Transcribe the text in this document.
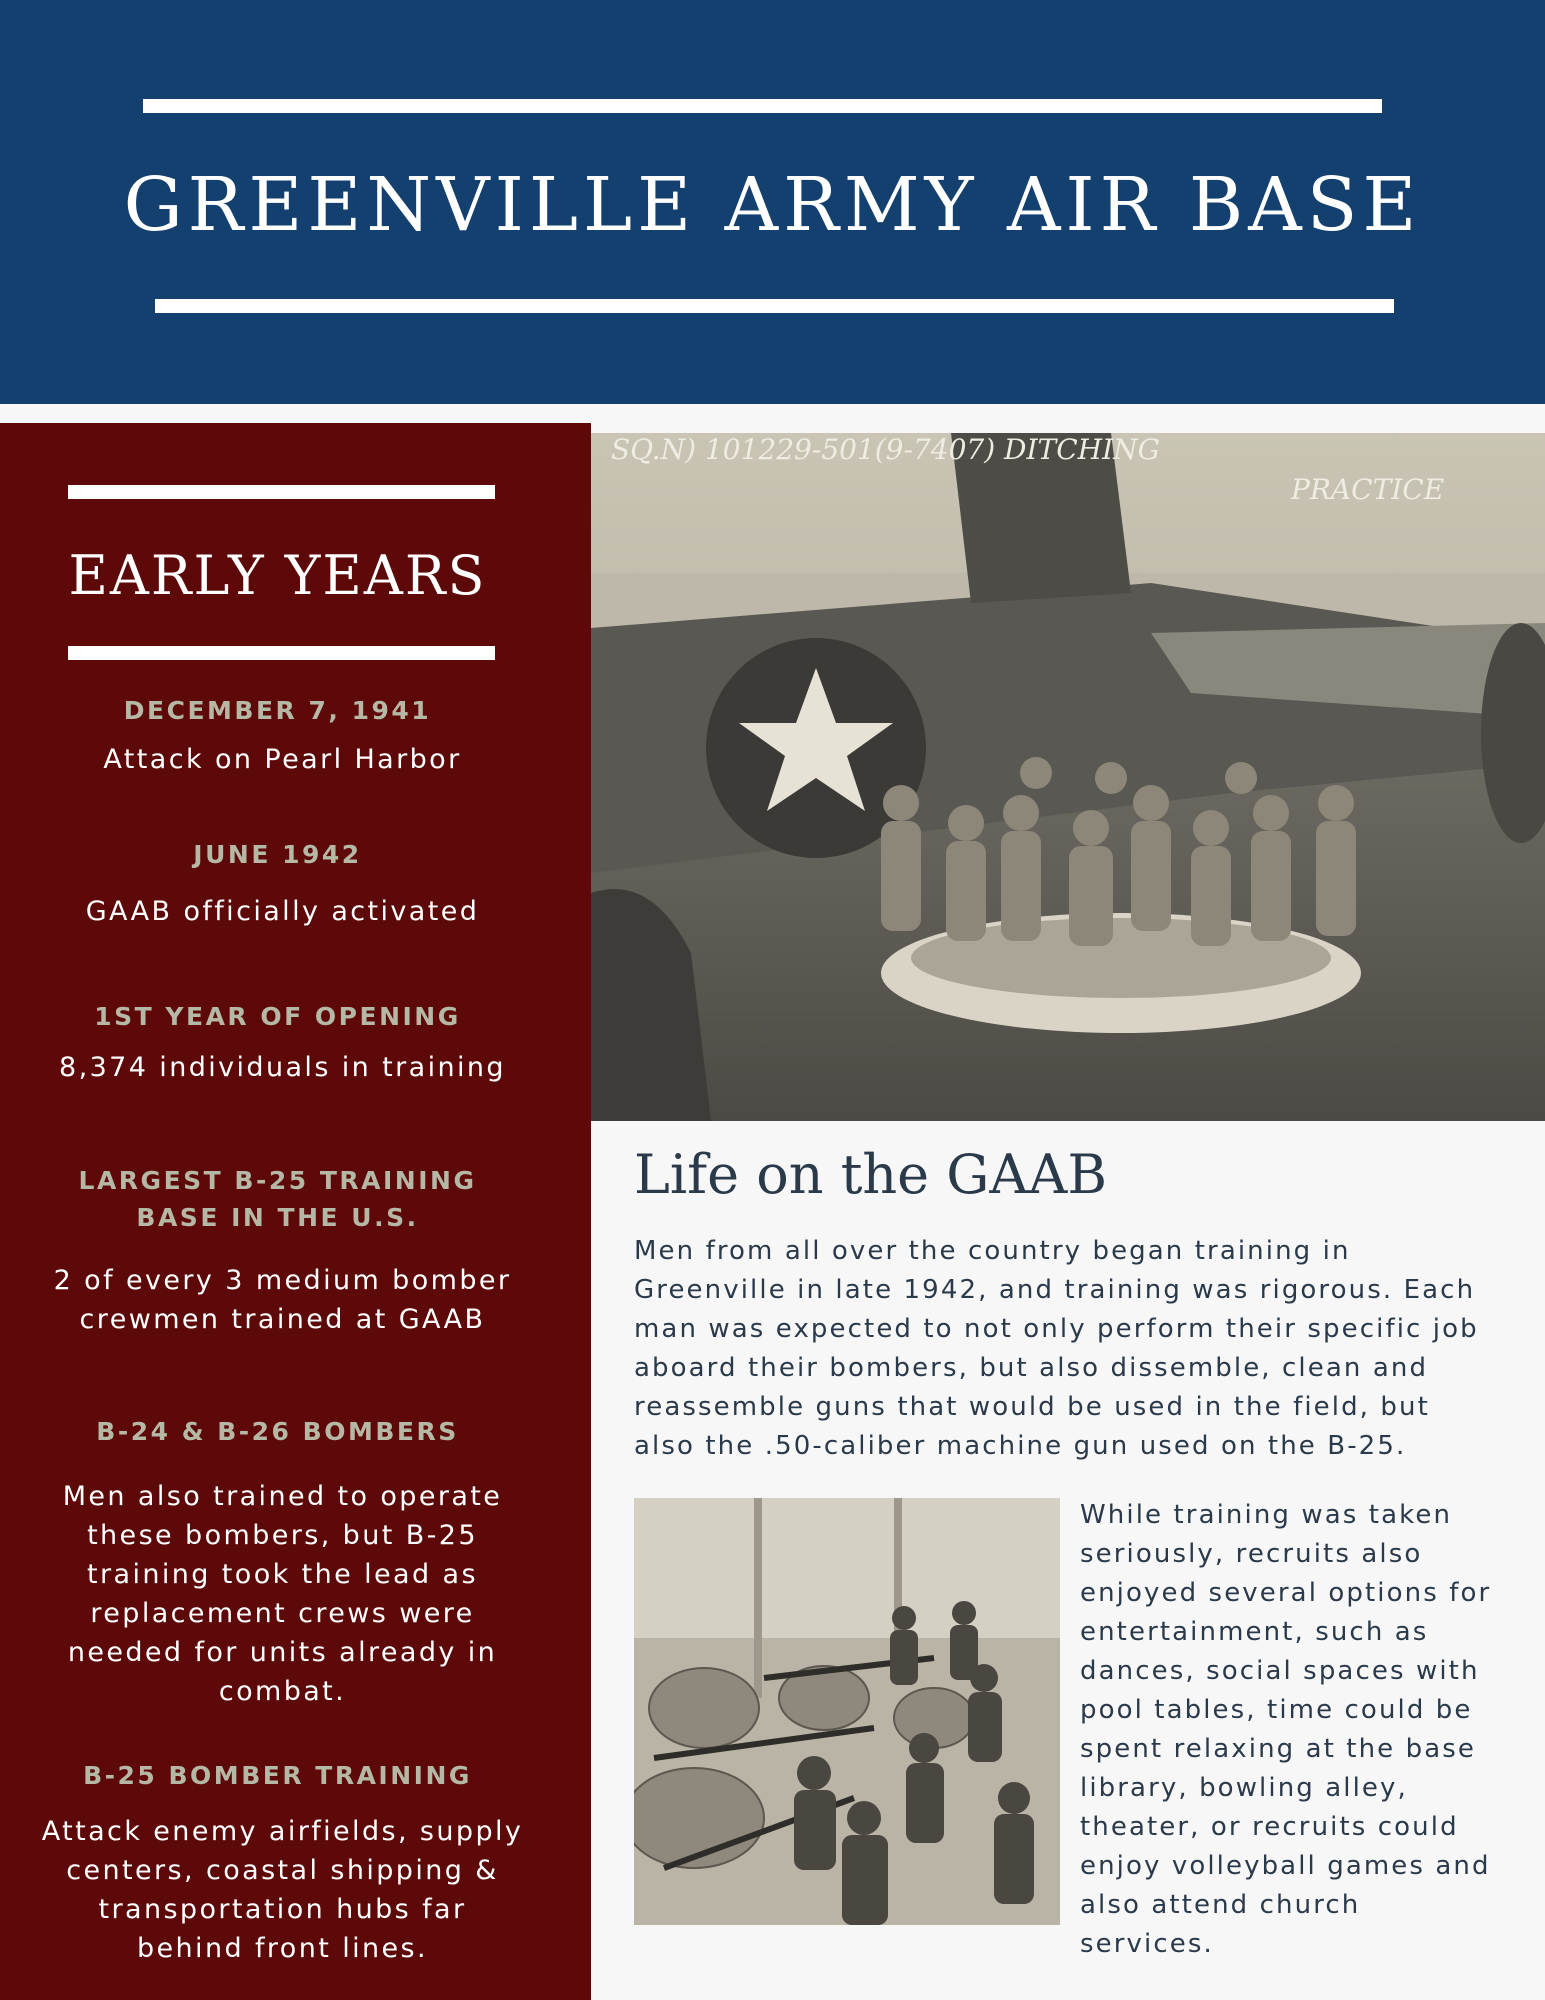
GREENVILLE ARMY AIR BASE
EARLY YEARS
DECEMBER 7, 1941
Attack on Pearl Harbor
JUNE 1942
GAAB officially activated
1ST YEAR OF OPENING
8,374 individuals in training
LARGEST B-25 TRAINING
BASE IN THE U.S.
2 of every 3 medium bomber
crewmen trained at GAAB
B-24 & B-26 BOMBERS
Men also trained to operate
these bombers, but B-25
training took the lead as
replacement crews were
needed for units already in
combat.
B-25 BOMBER TRAINING
Attack enemy airfields, supply
centers, coastal shipping &
transportation hubs far
behind front lines.
SQ.N) 101229-501(9-7407) DITCHING
PRACTICE
Life on the GAAB
Men from all over the country began training in
Greenville in late 1942, and training was rigorous. Each
man was expected to not only perform their specific job
aboard their bombers, but also dissemble, clean and
reassemble guns that would be used in the field, but
also the .50-caliber machine gun used on the B-25.
While training was taken
seriously, recruits also
enjoyed several options for
entertainment, such as
dances, social spaces with
pool tables, time could be
spent relaxing at the base
library, bowling alley,
theater, or recruits could
enjoy volleyball games and
also attend church
services.
